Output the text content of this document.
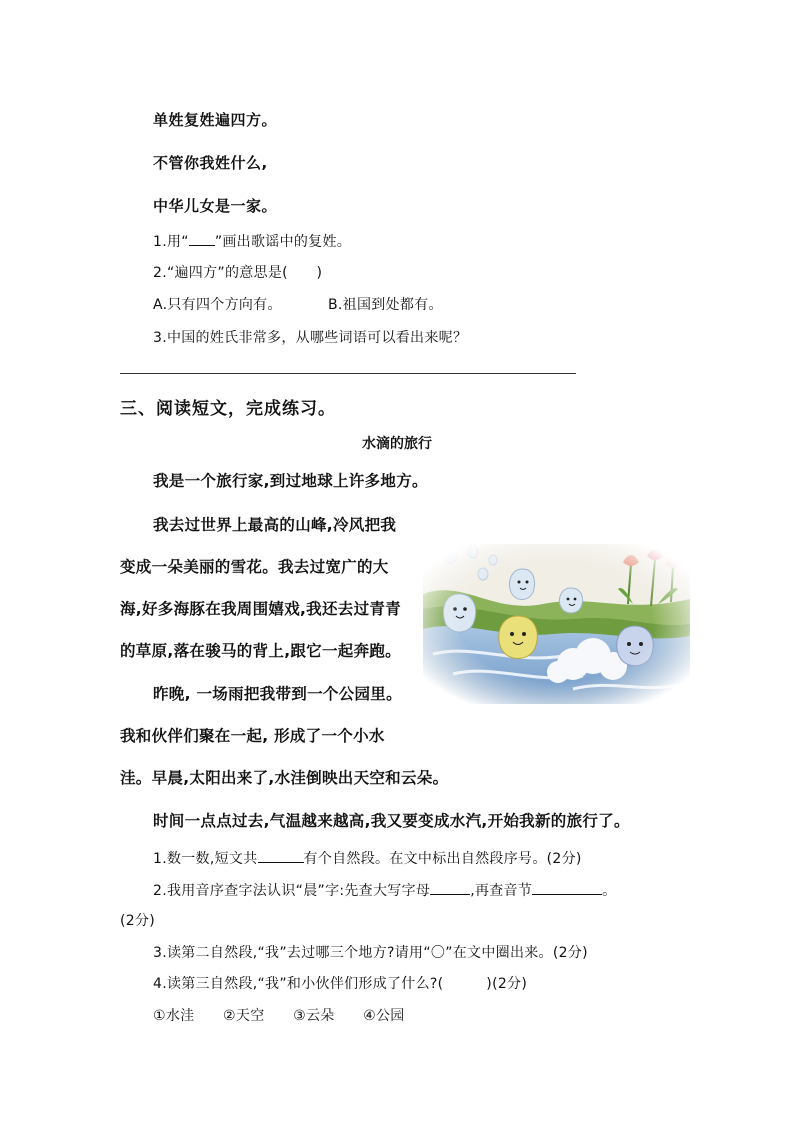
单姓复姓遍四方。
不管你我姓什么,
中华儿女是一家。
1.用“ ”画出歌谣中的复姓。
2.“遍四方”的意思是(　　)
A.只有四个方向有。	B.祖国到处都有。
3.中国的姓氏非常多，从哪些词语可以看出来呢？
三、阅读短文，完成练习。
水滴的旅行
我是一个旅行家,到过地球上许多地方。
我去过世界上最高的山峰,冷风把我
变成一朵美丽的雪花。我去过宽广的大
海,好多海豚在我周围嬉戏,我还去过青青
的草原,落在骏马的背上,跟它一起奔跑。
昨晚, 一场雨把我带到一个公园里。
我和伙伴们聚在一起, 形成了一个小水
洼。早晨,太阳出来了,水洼倒映出天空和云朵。
时间一点点过去,气温越来越高,我又要变成水汽,开始我新的旅行了。
1.数一数,短文共	有个自然段。在文中标出自然段序号。(2分)
2.我用音序查字法认识“晨”字:先查大写字母	,再查音节	。
(2分)
3.读第二自然段,“我”去过哪三个地方?请用“〇”在文中圈出来。(2分)
4.读第三自然段,“我”和小伙伴们形成了什么?(　　　)(2分)
①水洼　　②天空　　③云朵　　④公园
